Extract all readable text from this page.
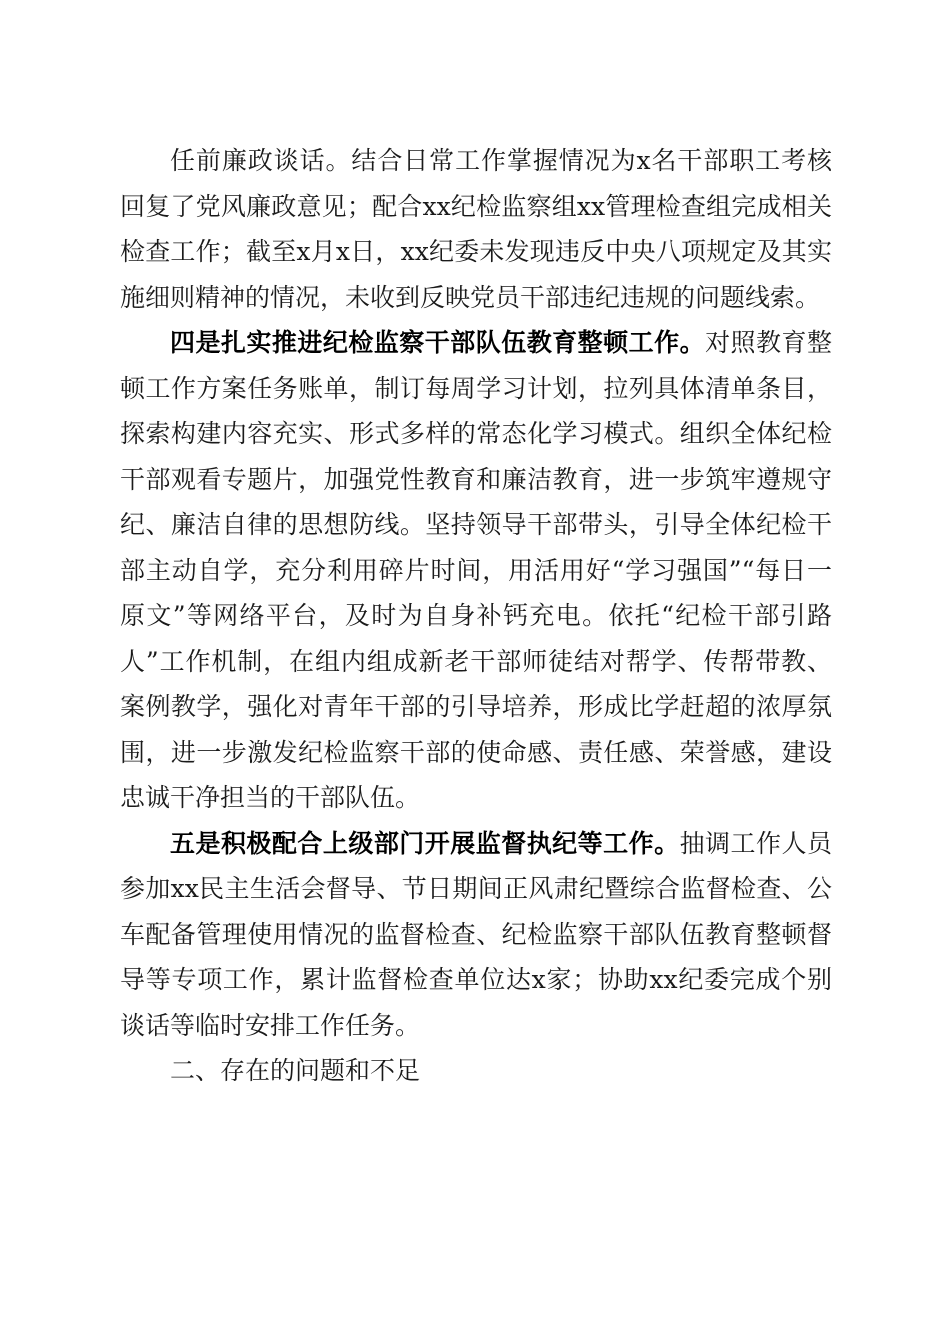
任前廉政谈话。结合日常工作掌握情况为x名干部职工考核回复了党风廉政意见；配合xx纪检监察组xx管理检查组完成相关检查工作；截至x月x日，xx纪委未发现违反中央八项规定及其实施细则精神的情况，未收到反映党员干部违纪违规的问题线索。

四是扎实推进纪检监察干部队伍教育整顿工作。对照教育整顿工作方案任务账单，制订每周学习计划，拉列具体清单条目，探索构建内容充实、形式多样的常态化学习模式。组织全体纪检干部观看专题片，加强党性教育和廉洁教育，进一步筑牢遵规守纪、廉洁自律的思想防线。坚持领导干部带头，引导全体纪检干部主动自学，充分利用碎片时间，用活用好“学习强国”“每日一原文”等网络平台，及时为自身补钙充电。依托“纪检干部引路人”工作机制，在组内组成新老干部师徒结对帮学、传帮带教、案例教学，强化对青年干部的引导培养，形成比学赶超的浓厚氛围，进一步激发纪检监察干部的使命感、责任感、荣誉感，建设忠诚干净担当的干部队伍。

五是积极配合上级部门开展监督执纪等工作。抽调工作人员参加xx民主生活会督导、节日期间正风肃纪暨综合监督检查、公车配备管理使用情况的监督检查、纪检监察干部队伍教育整顿督导等专项工作，累计监督检查单位达x家；协助xx纪委完成个别谈话等临时安排工作任务。

二、存在的问题和不足
